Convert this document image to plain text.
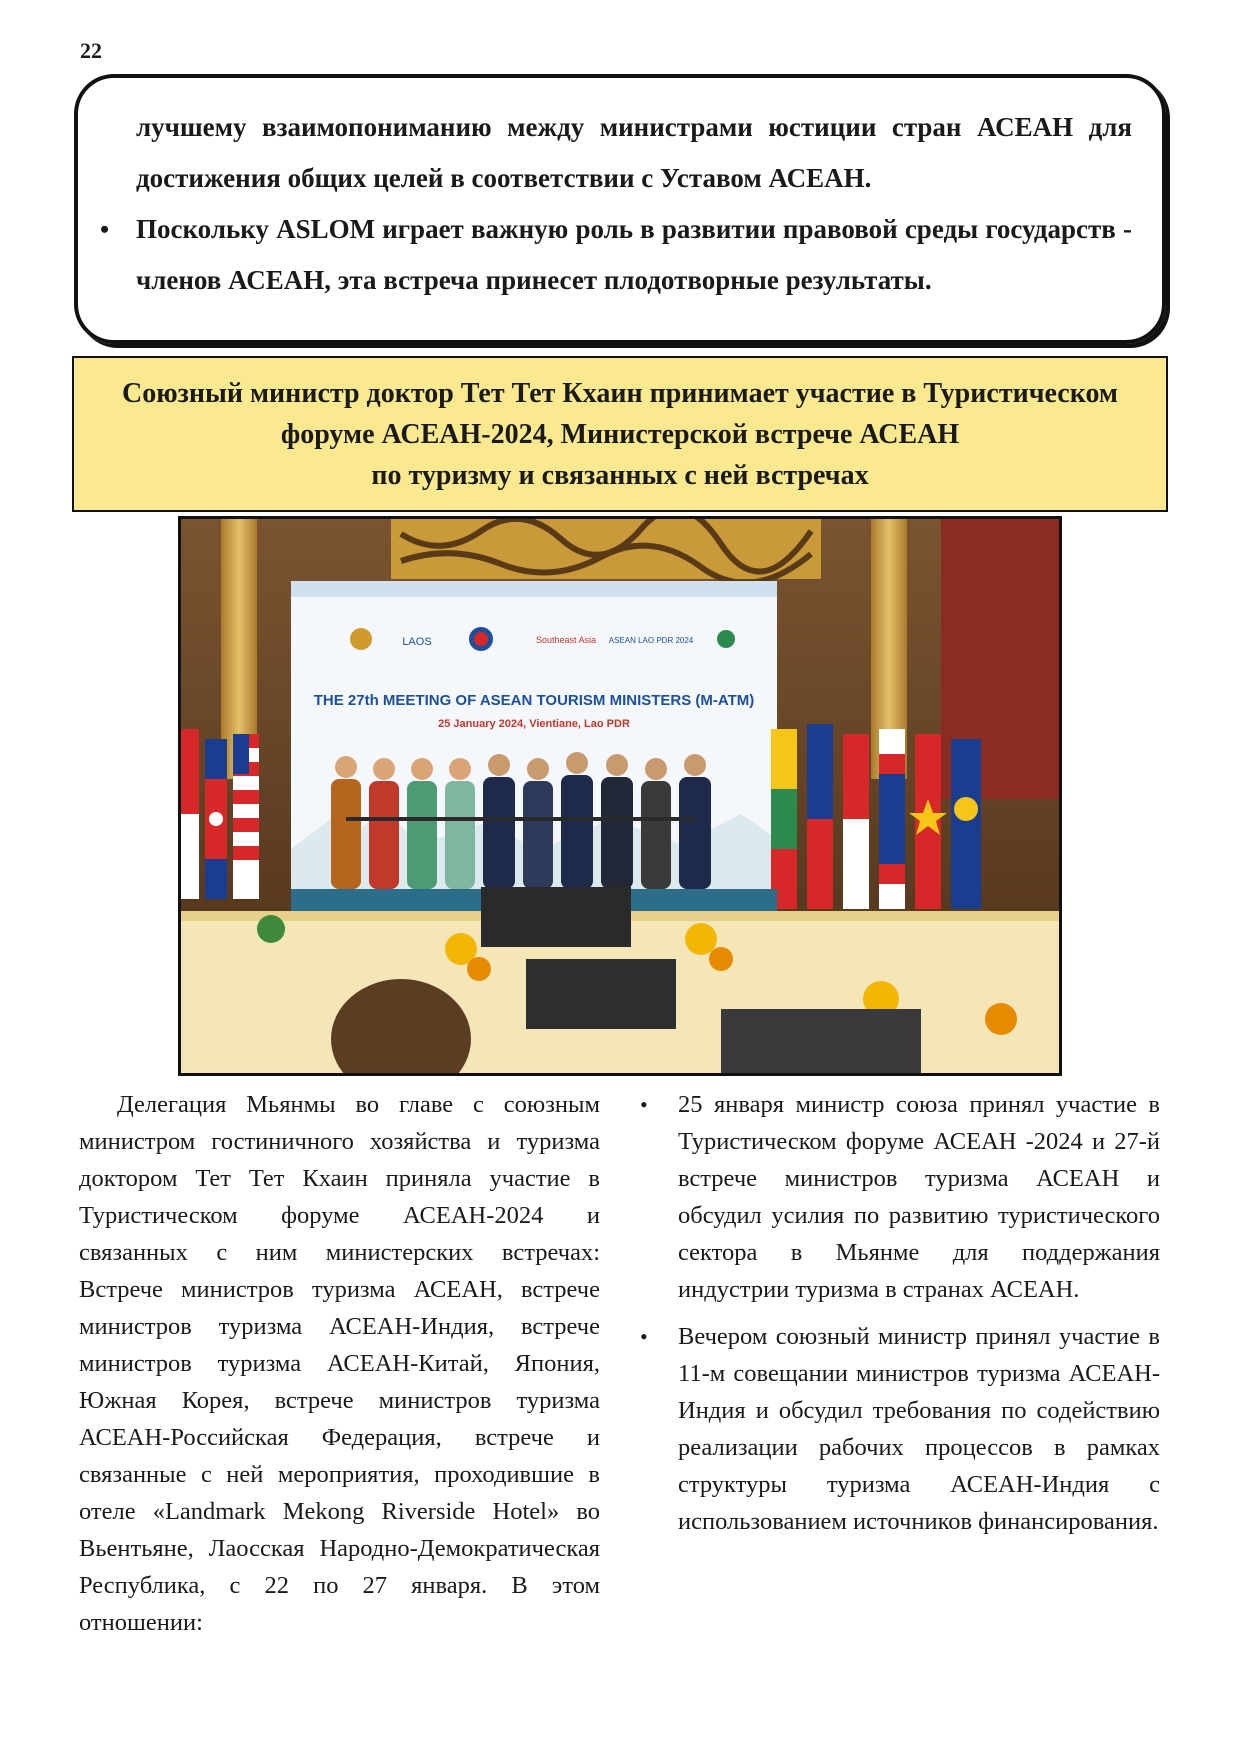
22

лучшему взаимопониманию между министрами юстиции стран АСЕАН для достижения общих целей в соответствии с Уставом АСЕАН.

• Поскольку ASLOM играет важную роль в развитии правовой среды государств - членов АСЕАН, эта встреча принесет плодотворные результаты.
Союзный министр доктор Тет Тет Кхаин принимает участие в Туристическом форуме АСЕАН-2024, Министерской встрече АСЕАН
по туризму и связанных с ней встречах
LAOS	Southeast Asia ASEAN LAO PDR 2024
THE 27th MEETING OF ASEAN TOURISM MINISTERS (M-ATM)
25 January 2024, Vientiane, Lao PDR

Делегация Мьянмы во главе с союзным министром гостиничного хозяйства и туризма доктором Тет Тет Кхаин приняла участие в Туристическом форуме АСЕАН-2024 и связанных с ним министерских встречах: Встрече министров туризма АСЕАН, встрече министров туризма АСЕАН-Индия, встрече министров туризма АСЕАН-Китай, Япония, Южная Корея, встрече министров туризма АСЕАН-Российская Федерация, встрече и связанные с ней мероприятия, проходившие в отеле «Landmark Mekong Riverside Hotel» во Вьентьяне, Лаосская Народно-Демократическая Республика, с 22 по 27 января. В этом отношении:

• 25 января министр союза принял участие в Туристическом форуме АСЕАН -2024 и 27-й встрече министров туризма АСЕАН и обсудил усилия по развитию туристического сектора в Мьянме для поддержания индустрии туризма в странах АСЕАН.
• Вечером союзный министр принял участие в 11-м совещании министров туризма АСЕАН-Индия и обсудил требования по содействию реализации рабочих процессов в рамках структуры туризма АСЕАН-Индия с использованием источников финансирования.
